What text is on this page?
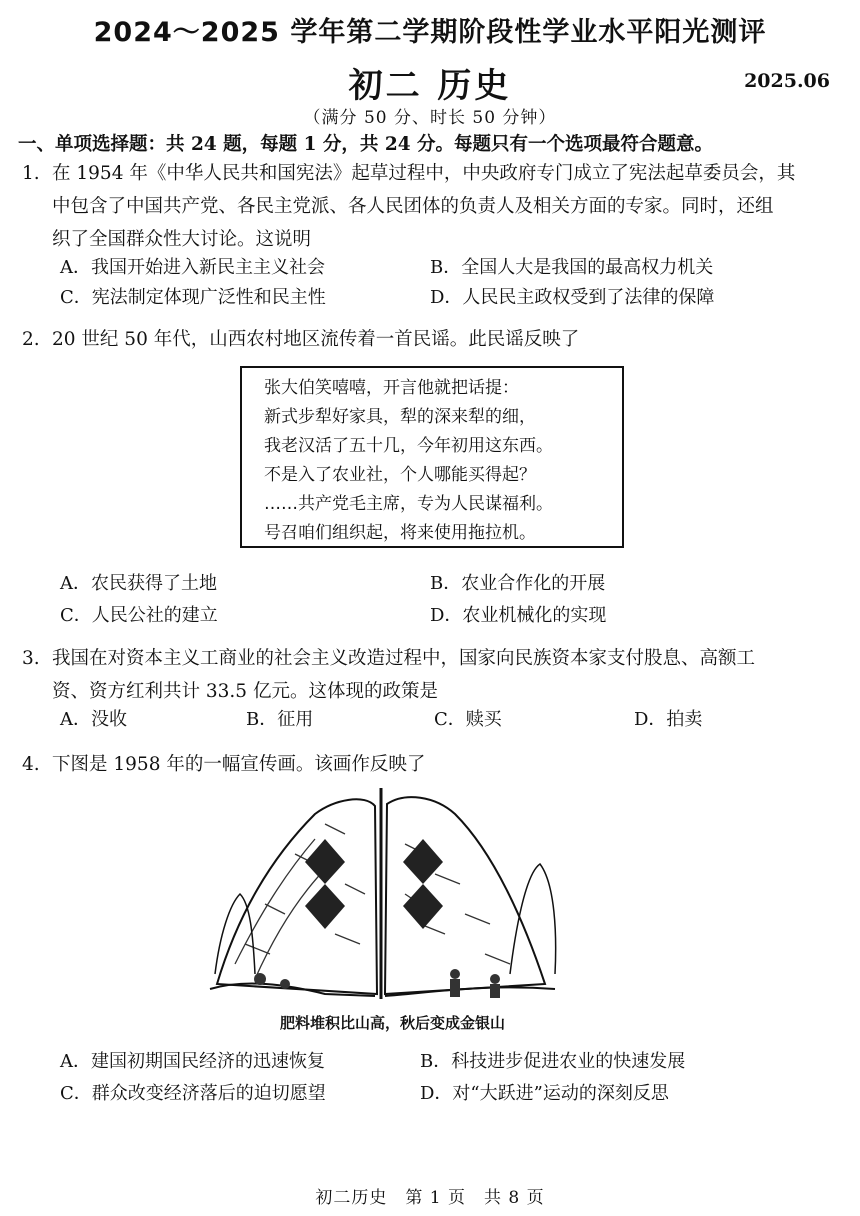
2024～2025 学年第二学期阶段性学业水平阳光测评
初二 历史	2025.06
（满分 50 分、时长 50 分钟）
一、单项选择题：共 24 题，每题 1 分，共 24 分。每题只有一个选项最符合题意。
1. 在 1954 年《中华人民共和国宪法》起草过程中，中央政府专门成立了宪法起草委员会，其
中包含了中国共产党、各民主党派、各人民团体的负责人及相关方面的专家。同时，还组
织了全国群众性大讨论。这说明
A．我国开始进入新民主主义社会	B．全国人大是我国的最高权力机关
C．宪法制定体现广泛性和民主性	D．人民民主政权受到了法律的保障
2. 20 世纪 50 年代，山西农村地区流传着一首民谣。此民谣反映了
张大伯笑嘻嘻，开言他就把话提：
新式步犁好家具，犁的深来犁的细，
我老汉活了五十几，今年初用这东西。
不是入了农业社，个人哪能买得起？
……共产党毛主席，专为人民谋福利。
号召咱们组织起，将来使用拖拉机。
A．农民获得了土地	B．农业合作化的开展
C．人民公社的建立	D．农业机械化的实现
3. 我国在对资本主义工商业的社会主义改造过程中，国家向民族资本家支付股息、高额工
资、资方红利共计 33.5 亿元。这体现的政策是
A．没收	B．征用	C．赎买	D．拍卖
4. 下图是 1958 年的一幅宣传画。该画作反映了
肥料堆积比山高，秋后变成金银山
A．建国初期国民经济的迅速恢复	B．科技进步促进农业的快速发展
C．群众改变经济落后的迫切愿望	D．对“大跃进”运动的深刻反思
初二历史　第 1 页　共 8 页
